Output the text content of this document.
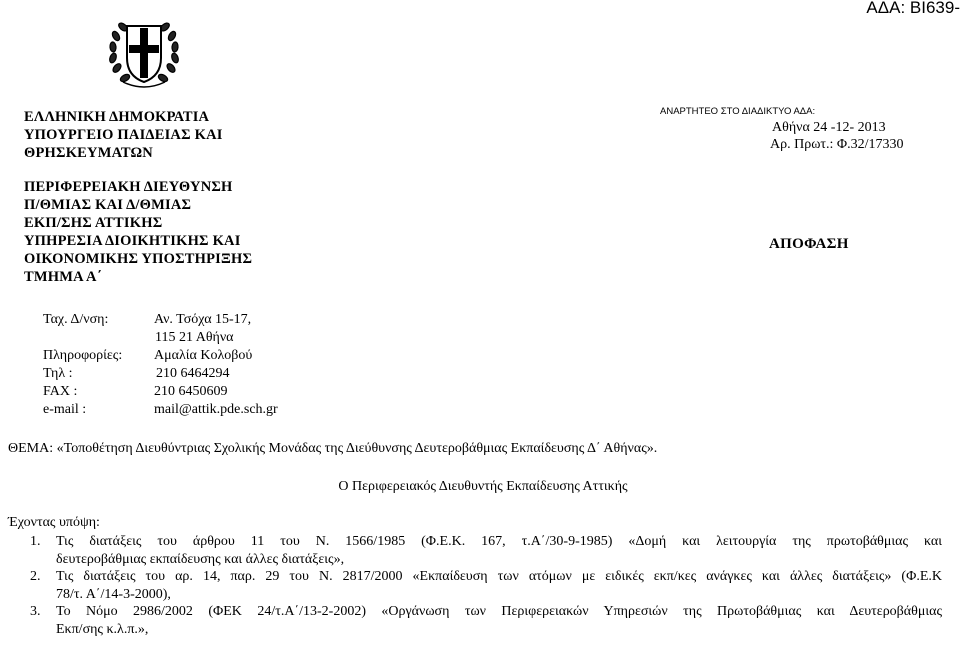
ΑΔΑ: ΒΙ639-
ΕΛΛΗΝΙΚΗ ΔΗΜΟΚΡΑΤΙΑ
ΥΠΟΥΡΓΕΙΟ ΠΑΙΔΕΙΑΣ ΚΑΙ
ΘΡΗΣΚΕΥΜΑΤΩΝ
ΠΕΡΙΦΕΡΕΙΑΚΗ ΔΙΕΥΘΥΝΣΗ
Π/ΘΜΙΑΣ ΚΑΙ Δ/ΘΜΙΑΣ
ΕΚΠ/ΣΗΣ ΑΤΤΙΚΗΣ
ΥΠΗΡΕΣΙΑ ΔΙΟΙΚΗΤΙΚΗΣ ΚΑΙ
ΟΙΚΟΝΟΜΙΚΗΣ ΥΠΟΣΤΗΡΙΞΗΣ
ΤΜΗΜΑ Α΄
ΑΝΑΡΤΗΤΕΟ ΣΤΟ ΔΙΑΔΙΚΤΥΟ ΑΔΑ:
Αθήνα 24 -12- 2013
Αρ. Πρωτ.: Φ.32/17330
ΑΠΟΦΑΣΗ
Ταχ. Δ/νση:	Αν. Τσόχα 15-17,
115 21 Αθήνα
Πληροφορίες:	Αμαλία Κολοβού
Τηλ :	210 6464294
FAX :	210 6450609
e-mail :	mail@attik.pde.sch.gr
ΘΕΜΑ: «Τοποθέτηση Διευθύντριας Σχολικής Μονάδας της Διεύθυνσης Δευτεροβάθμιας Εκπαίδευσης Δ΄ Αθήνας».
Ο Περιφερειακός Διευθυντής Εκπαίδευσης Αττικής
Έχοντας υπόψη:
1.	Τις διατάξεις του άρθρου 11 του Ν. 1566/1985 (Φ.Ε.Κ. 167, τ.Α΄/30-9-1985) «Δομή και λειτουργία της πρωτοβάθμιας και
δευτεροβάθμιας εκπαίδευσης και άλλες διατάξεις»,
2.	Τις διατάξεις του αρ. 14, παρ. 29 του Ν. 2817/2000 «Εκπαίδευση των ατόμων με ειδικές εκπ/κες ανάγκες και άλλες διατάξεις» (Φ.Ε.Κ
78/τ. Α΄/14-3-2000),
3.	Το Νόμο 2986/2002 (ΦΕΚ 24/τ.Α΄/13-2-2002) «Οργάνωση των Περιφερειακών Υπηρεσιών της Πρωτοβάθμιας και Δευτεροβάθμιας
Εκπ/σης κ.λ.π.»,
